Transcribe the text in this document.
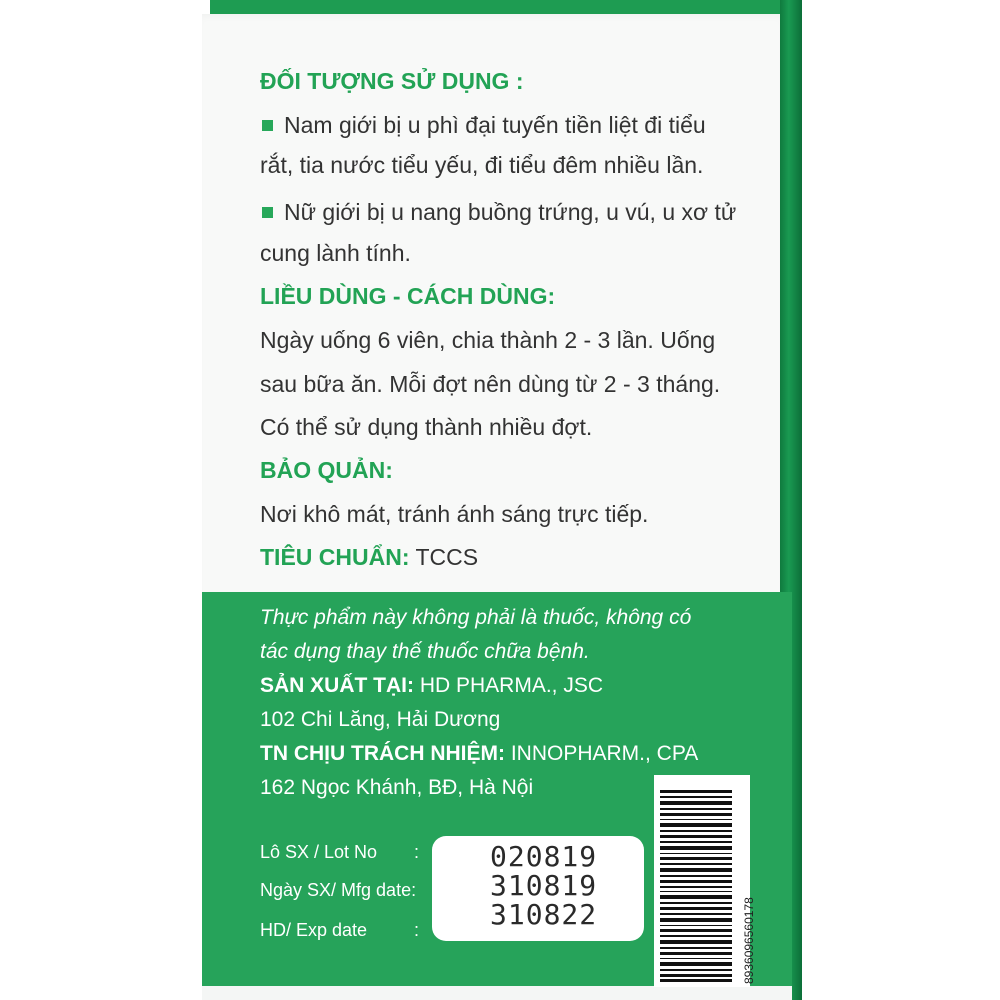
ĐỐI TƯỢNG SỬ DỤNG :
Nam giới bị u phì đại tuyến tiền liệt đi tiểu
rắt, tia nước tiểu yếu, đi tiểu đêm nhiều lần.
Nữ giới bị u nang buồng trứng, u vú, u xơ tử
cung lành tính.
LIỀU DÙNG - CÁCH DÙNG:
Ngày uống 6 viên, chia thành 2 - 3 lần. Uống
sau bữa ăn. Mỗi đợt nên dùng từ 2 - 3 tháng.
Có thể sử dụng thành nhiều đợt.
BẢO QUẢN:
Nơi khô mát, tránh ánh sáng trực tiếp.
TIÊU CHUẨN: TCCS
Thực phẩm này không phải là thuốc, không có
tác dụng thay thế thuốc chữa bệnh.
SẢN XUẤT TẠI: HD PHARMA., JSC
102 Chi Lăng, Hải Dương
TN CHỊU TRÁCH NHIỆM: INNOPHARM., CPA
162 Ngọc Khánh, BĐ, Hà Nội
Lô SX / Lot No
Ngày SX/ Mfg date:
HD/ Exp date
:
:
020819
310819
310822	8936096560178
